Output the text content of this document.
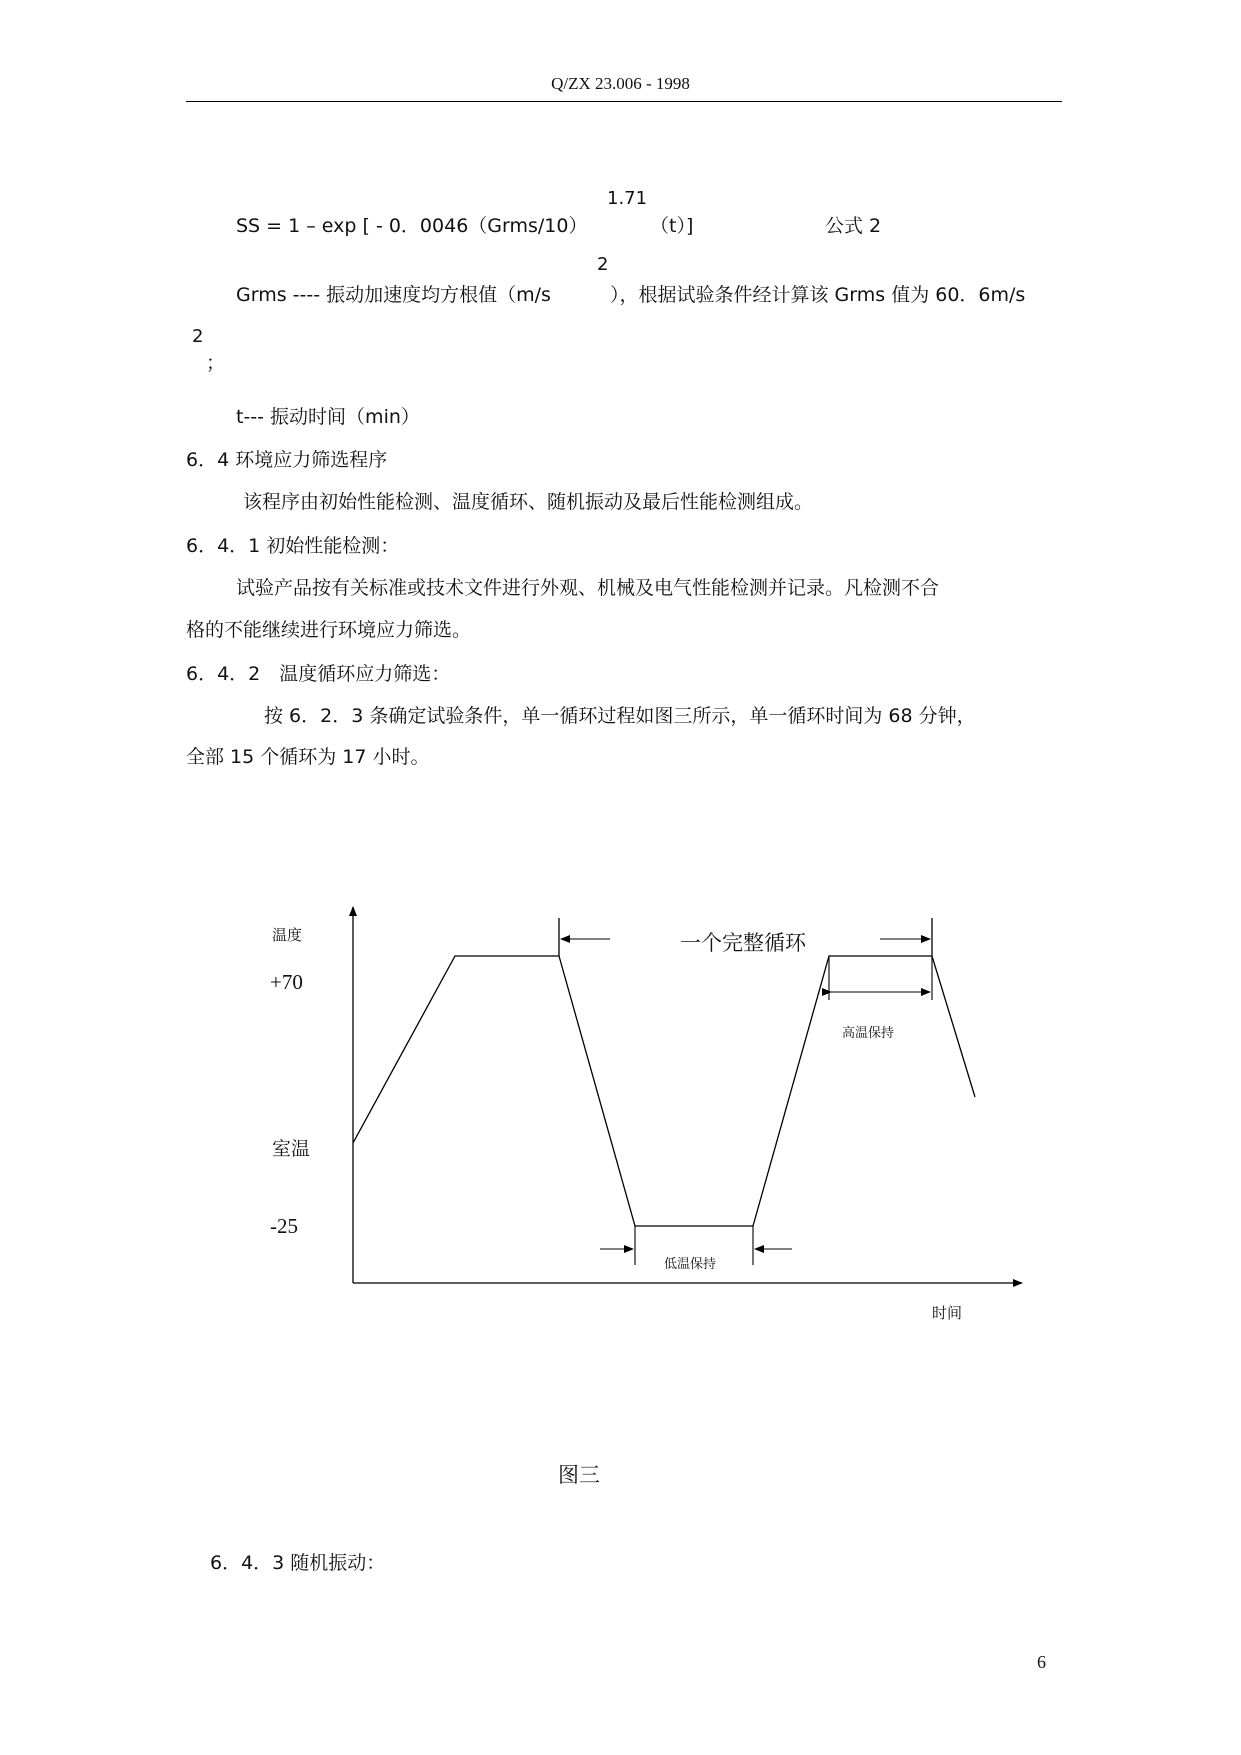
Q/ZX 23.006 - 1998
1.71
SS = 1 – exp [ - 0．0046（Grms/10）	（t）]	公式 2
2
Grms ---- 振动加速度均方根值（m/s	），根据试验条件经计算该 Grms 值为 60．6m/s
2
；
t--- 振动时间（min）
6．4 环境应力筛选程序
该程序由初始性能检测、温度循环、随机振动及最后性能检测组成。
6．4．1 初始性能检测：
试验产品按有关标准或技术文件进行外观、机械及电气性能检测并记录。凡检测不合
格的不能继续进行环境应力筛选。
6．4．2　温度循环应力筛选：
按 6．2．3 条确定试验条件，单一循环过程如图三所示，单一循环时间为 68 分钟，
全部 15 个循环为 17 小时。
温度
+70
室温
-25
一个完整循环
高温保持
低温保持
时间
图三
6．4．3 随机振动：
6
